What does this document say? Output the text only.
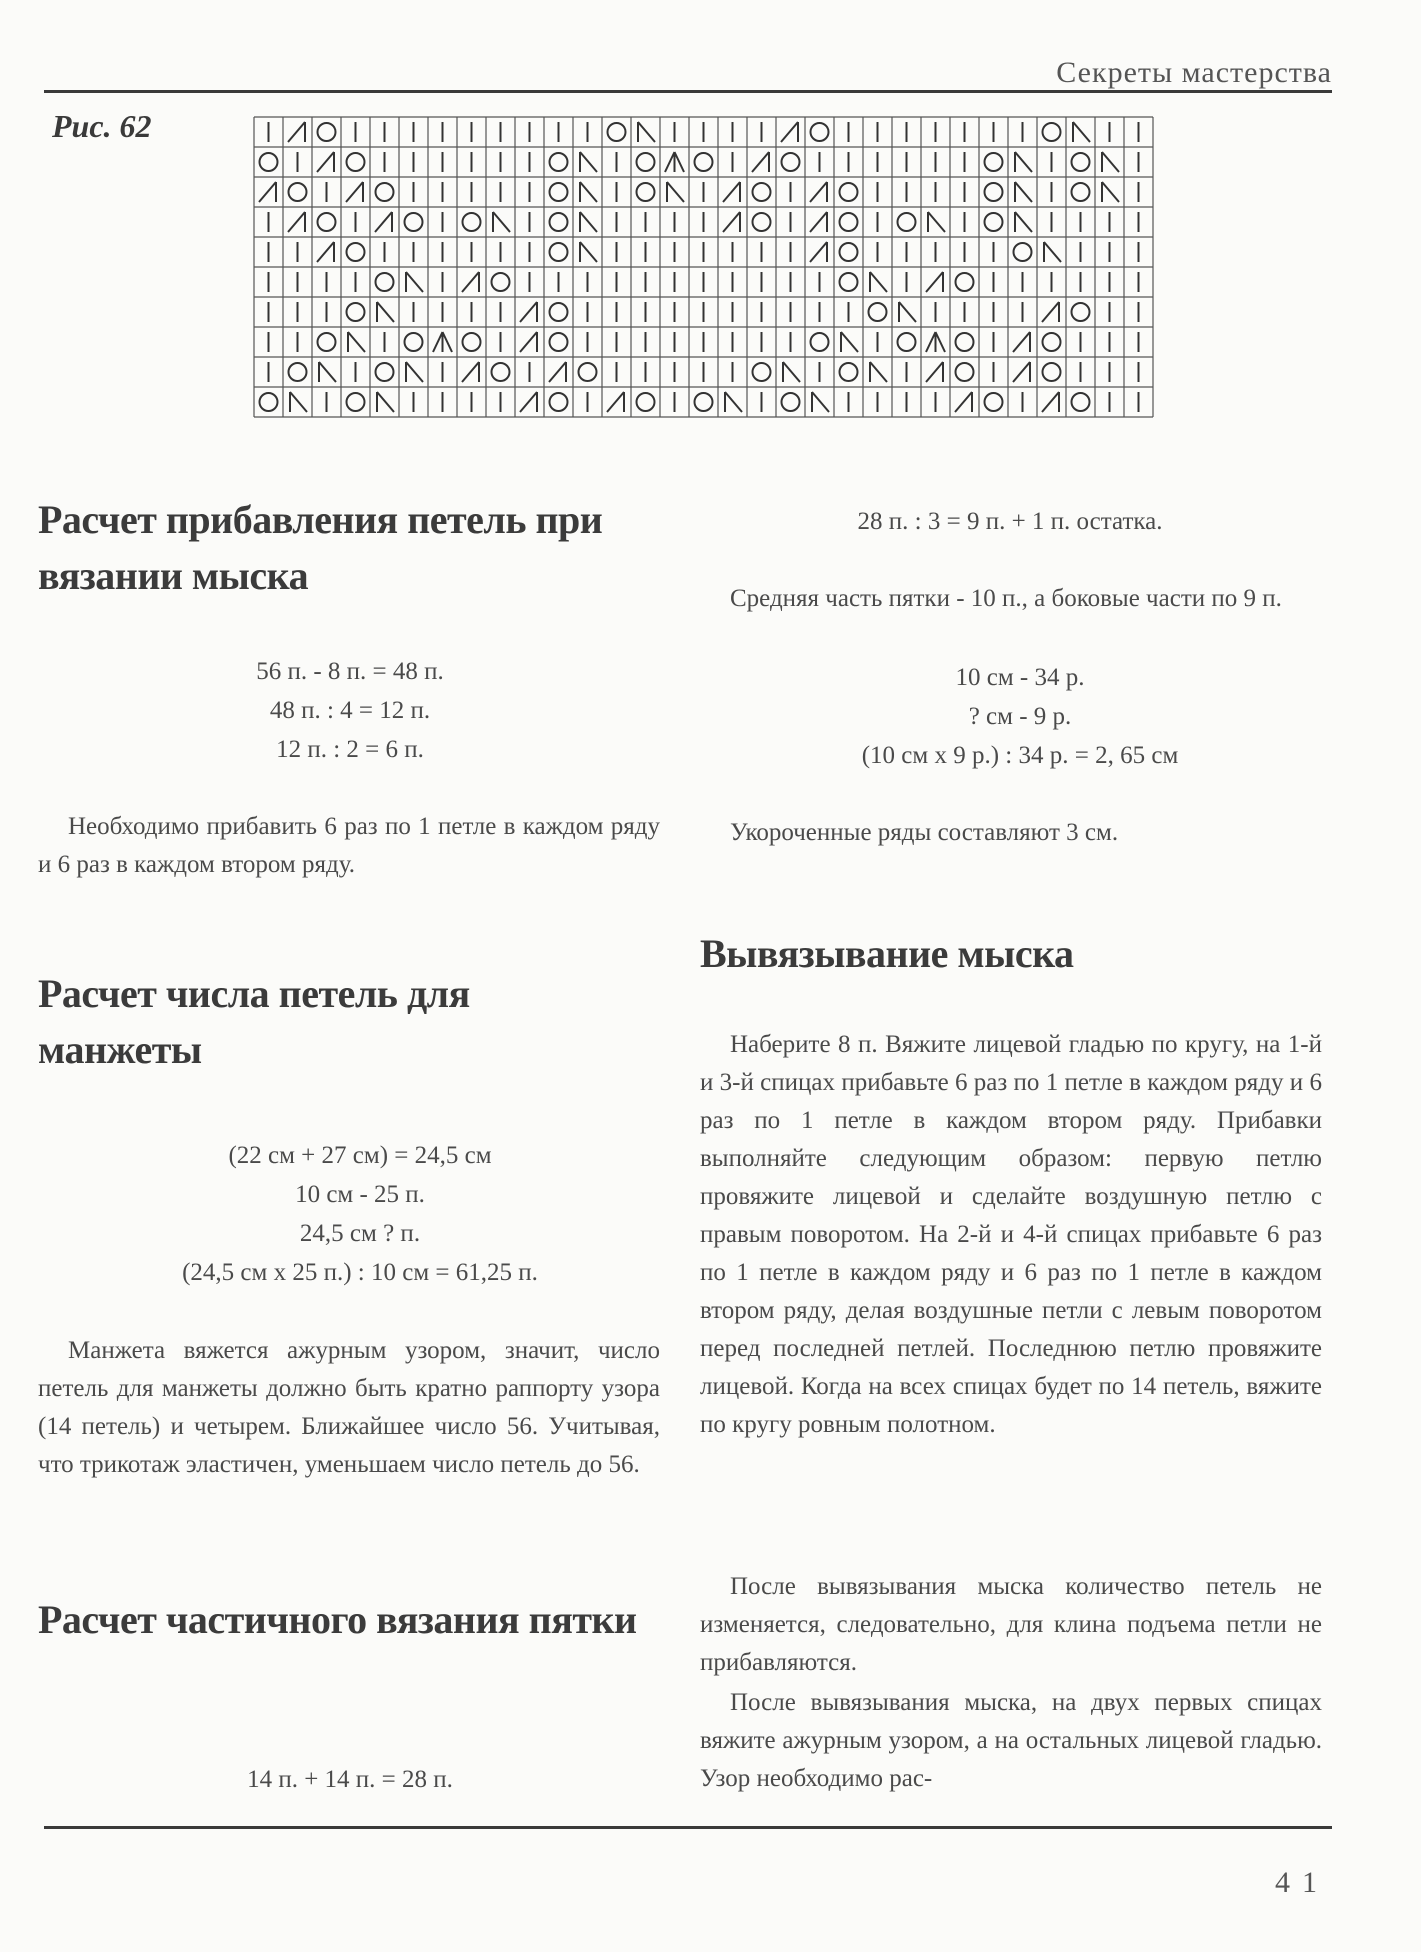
Секреты мастерства
Рис. 62
Расчет прибавления петель при вязании мыска
56 п. - 8 п. = 48 п.
48 п. : 4 = 12 п.
12 п. : 2 = 6 п.

Необходимо прибавить 6 раз по 1 петле в каждом ряду и 6 раз в каждом втором ряду.

Расчет числа петель для манжеты
(22 см + 27 см) = 24,5 см
10 см - 25 п.
24,5 см ? п.
(24,5 см х 25 п.) : 10 см = 61,25 п.

Манжета вяжется ажурным узором, значит, число петель для манжеты должно быть кратно раппорту узора (14 петель) и четырем. Ближайшее число 56. Учитывая, что трикотаж эластичен, уменьшаем число петель до 56.

Расчет частичного вязания пятки
14 п. + 14 п. = 28 п.
28 п. : 3 = 9 п. + 1 п. остатка.

Средняя часть пятки - 10 п., а боковые части по 9 п.

10 см - 34 р.
? см - 9 р.
(10 см х 9 р.) : 34 р. = 2, 65 см

Укороченные ряды составляют 3 см.

Вывязывание мыска

Наберите 8 п. Вяжите лицевой гладью по кругу, на 1-й и 3-й спицах прибавьте 6 раз по 1 петле в каждом ряду и 6 раз по 1 петле в каждом втором ряду. Прибавки выполняйте следующим образом: первую петлю провяжите лицевой и сделайте воздушную петлю с правым поворотом. На 2-й и 4-й спицах прибавьте 6 раз по 1 петле в каждом ряду и 6 раз по 1 петле в каждом втором ряду, делая воздушные петли с левым поворотом перед последней петлей. Последнюю петлю провяжите лицевой. Когда на всех спицах будет по 14 петель, вяжите по кругу ровным полотном.

После вывязывания мыска количество петель не изменяется, следовательно, для клина подъема петли не прибавляются.

После вывязывания мыска, на двух первых спицах вяжите ажурным узором, а на остальных лицевой гладью. Узор необходимо рас-

41
